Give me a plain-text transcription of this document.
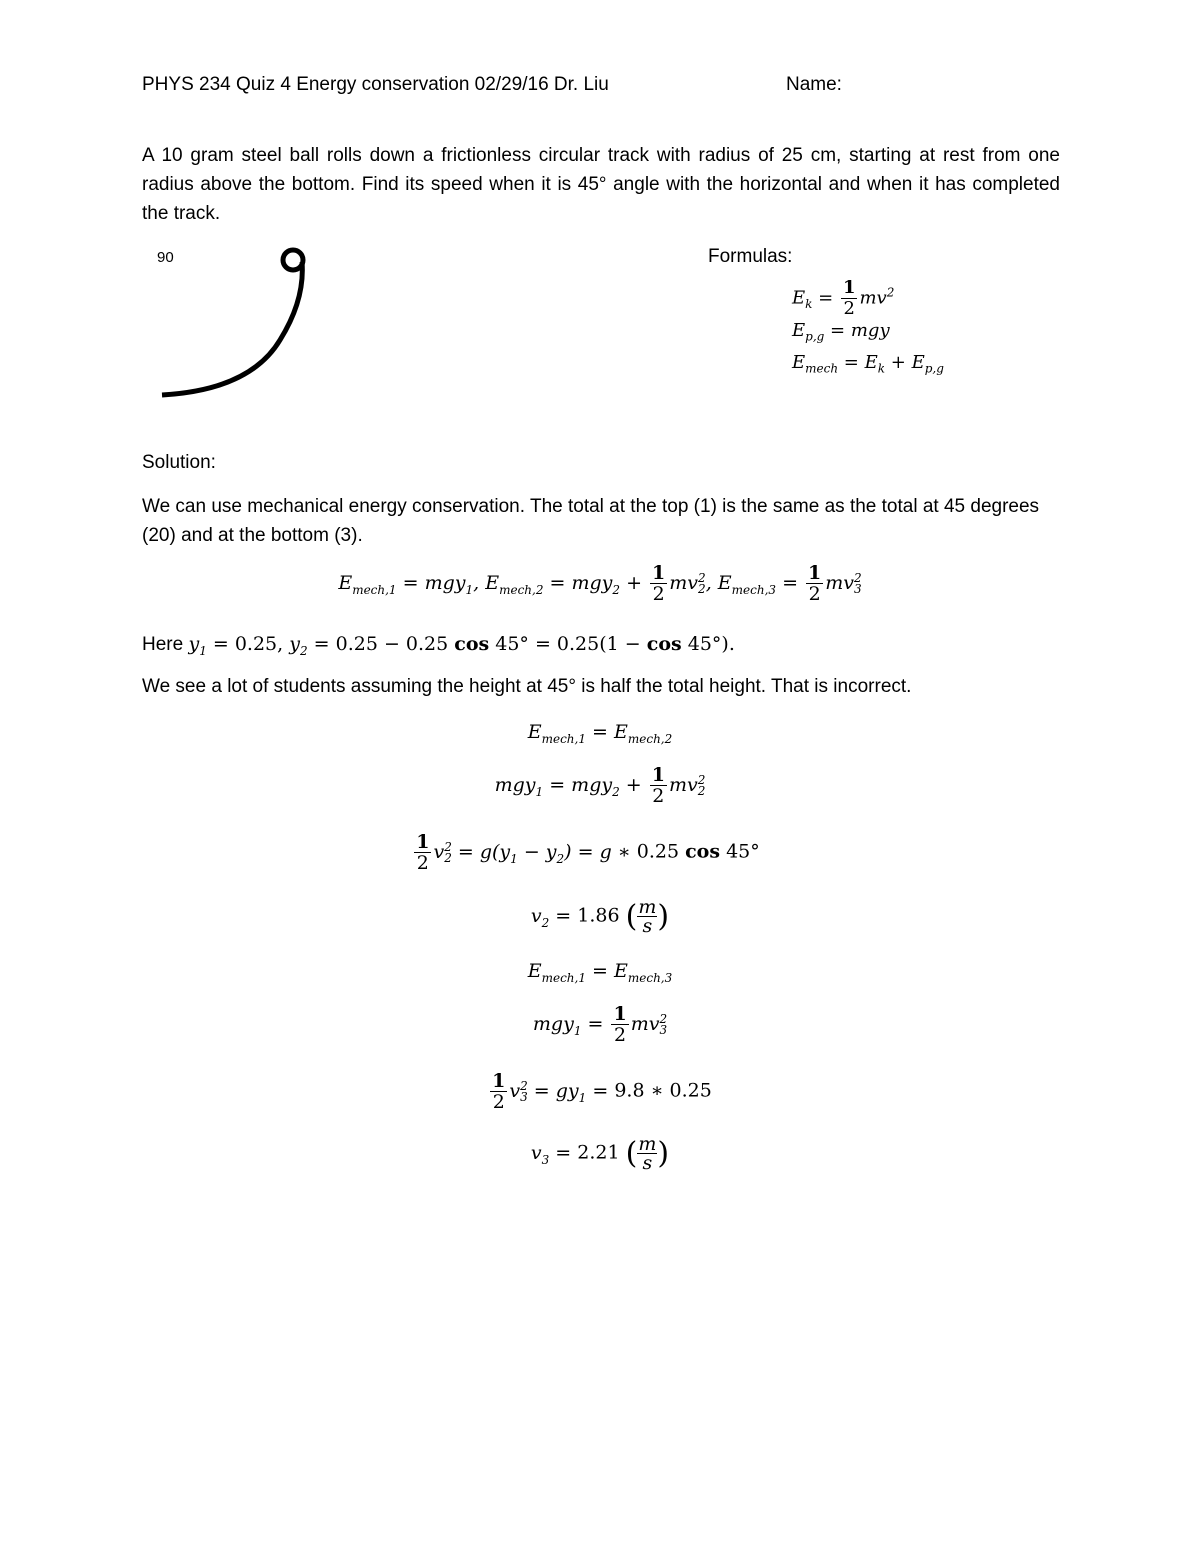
PHYS 234 Quiz 4 Energy conservation 02/29/16 Dr. Liu	Name:
A 10 gram steel ball rolls down a frictionless circular track with radius of 25 cm, starting at rest from one radius above the bottom. Find its speed when it is 45° angle with the horizontal and when it has completed the track.
90	Formulas:
$E_k = \frac{1}{2} mv^2$
$E_{p,g}$ = mgy
$E_{mech} = E_k + E_{p,g}$
Solution:
We can use mechanical energy conservation. The total at the top (1) is the same as the total at 45 degrees (20) and at the bottom (3).
$E_{mech,1} = mgy_1$, $E_{mech,2} = mgy_2 + \frac{1}{2}$ mv 2
2 , $E_{mech,3} = \frac{1}{2}$ mv 2
3
Here $y_1 = 0.25$, $y_2 = 0.25 - 0.25$ cos 45° = 0.25(1 − cos 45°).
We see a lot of students assuming the height at 45° is half the total height. That is incorrect.
$E_{mech,1} = E_{mech,2}$
$mgy_1 = mgy_2 + \frac{1}{2}$ mv 2
2
$\frac{1}{2}$ v 2
$2 = g(y_1 - y_2) = g$ ∗ 0.25 cos 45°
$v_2 = 1.86$ ( $\frac{m}{s}$ )
$E_{mech,1} = E_{mech,3}$
$mgy_1 = \frac{1}{2}$ mv 2
3
$\frac{1}{2}$ v 2
$3 = gy_1 = 9.8$ ∗ 0.25
$v_3 = 2.21$ ( $\frac{m}{s}$ )
